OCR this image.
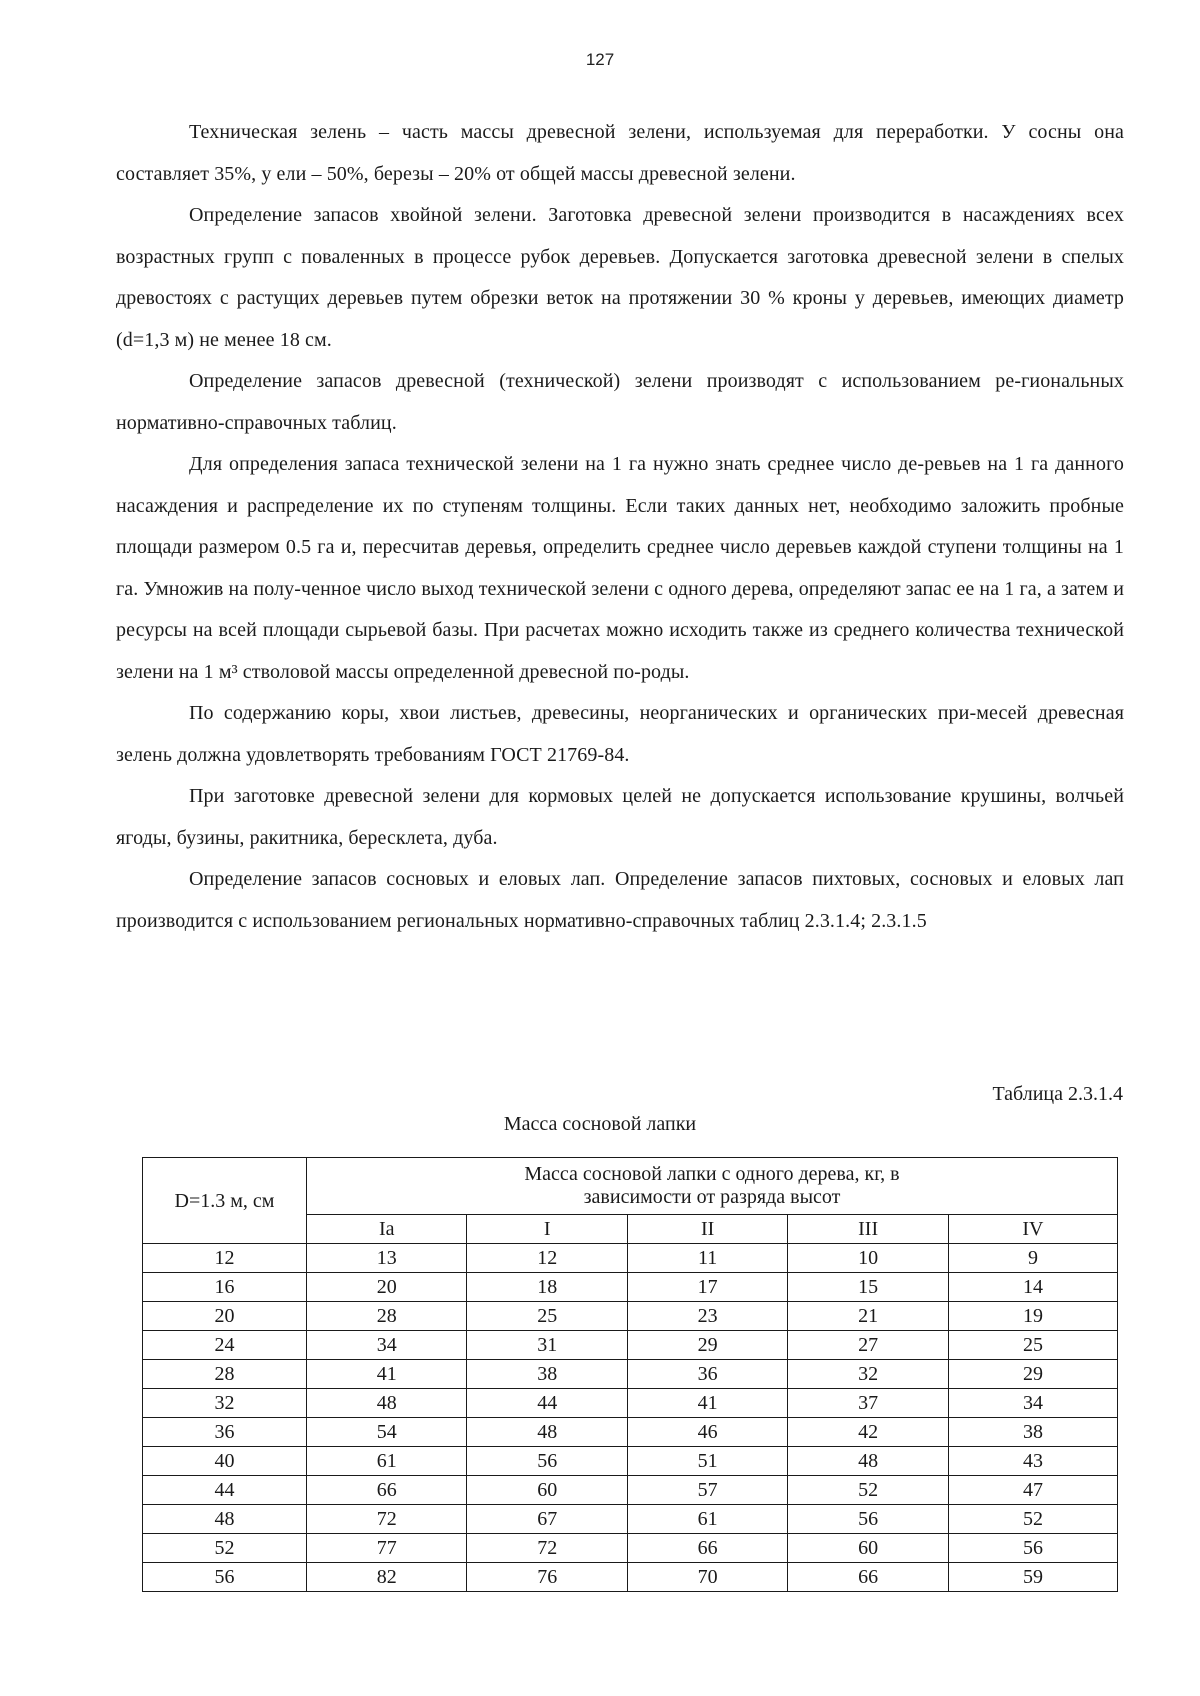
127

Техническая зелень – часть массы древесной зелени, используемая для переработки. У сосны она составляет 35%, у ели – 50%, березы – 20% от общей массы древесной зелени.

Определение запасов хвойной зелени. Заготовка древесной зелени производится в насаждениях всех возрастных групп с поваленных в процессе рубок деревьев. Допускается заготовка древесной зелени в спелых древостоях с растущих деревьев путем обрезки веток на протяжении 30 % кроны у деревьев, имеющих диаметр (d=1,3 м) не менее 18 см.

Определение запасов древесной (технической) зелени производят с использованием ре-гиональных нормативно-справочных таблиц.

Для определения запаса технической зелени на 1 га нужно знать среднее число де-ревьев на 1 га данного насаждения и распределение их по ступеням толщины. Если таких данных нет, необходимо заложить пробные площади размером 0.5 га и, пересчитав деревья, определить среднее число деревьев каждой ступени толщины на 1 га. Умножив на полу-ченное число выход технической зелени с одного дерева, определяют запас ее на 1 га, а затем и ресурсы на всей площади сырьевой базы. При расчетах можно исходить также из среднего количества технической зелени на 1 м³ стволовой массы определенной древесной по-роды.

По содержанию коры, хвои листьев, древесины, неорганических и органических при-месей древесная зелень должна удовлетворять требованиям ГОСТ 21769-84.

При заготовке древесной зелени для кормовых целей не допускается использование крушины, волчьей ягоды, бузины, ракитника, бересклета, дуба.

Определение запасов сосновых и еловых лап. Определение запасов пихтовых, сосновых и еловых лап производится с использованием региональных нормативно-справочных таблиц 2.3.1.4; 2.3.1.5

Таблица 2.3.1.4
Масса сосновой лапки
D=1.3 м, см	Масса сосновой лапки с одного дерева, кг, в зависимости от разряда высот				
	Ia	I	II	III	IV
12	13	12	11	10	9
16	20	18	17	15	14
20	28	25	23	21	19
24	34	31	29	27	25
28	41	38	36	32	29
32	48	44	41	37	34
36	54	48	46	42	38
40	61	56	51	48	43
44	66	60	57	52	47
48	72	67	61	56	52
52	77	72	66	60	56
56	82	76	70	66	59
